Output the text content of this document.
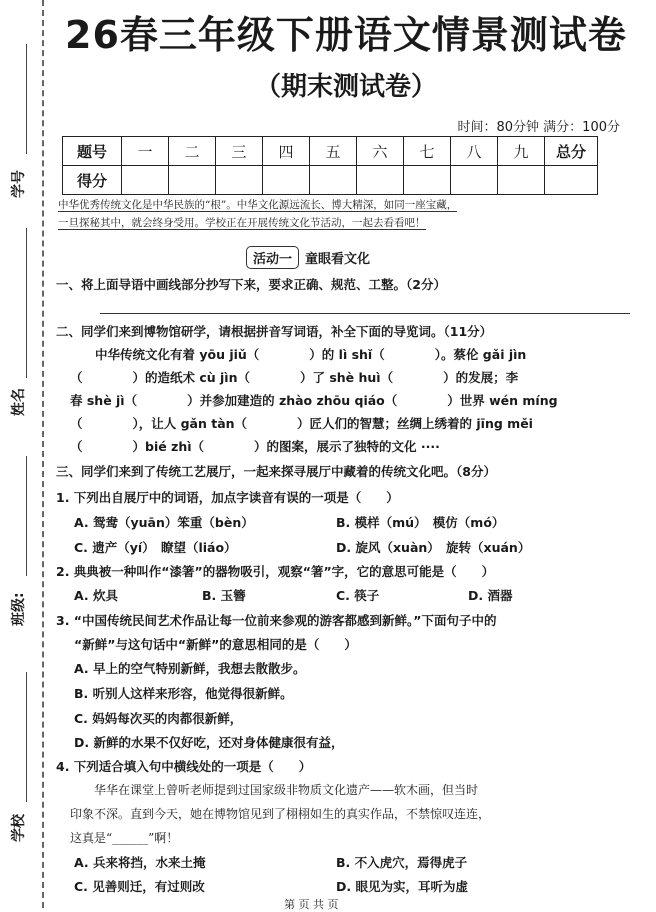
学号
姓名
班级:
学校
26春三年级下册语文情景测试卷
（期末测试卷）
时间：80分钟 满分：100分
题号	一	二	三	四	五	六	七	八	九	总分
得分										
中华优秀传统文化是中华民族的“根”。中华文化源远流长、博大精深，如同一座宝藏，
一旦探秘其中，就会终身受用。学校正在开展传统文化节活动，一起去看看吧！
活动一	童眼看文化
一、将上面导语中画线部分抄写下来，要求正确、规范、工整。（2分）
二、同学们来到博物馆研学，请根据拼音写词语，补全下面的导览词。（11分）
　　中华传统文化有着 yōu jiǔ（　　　　）的 lì shǐ（　　　　）。蔡伦 gǎi jìn
（　　　　）的造纸术 cù jìn（　　　　）了 shè huì（　　　　）的发展；李
春 shè jì（　　　　）并参加建造的 zhào zhōu qiáo（　　　　）世界 wén míng
（　　　　），让人 gǎn tàn（　　　　）匠人们的智慧；丝绸上绣着的 jīng měi
（　　　　）bié zhì（　　　　）的图案，展示了独特的文化 ····
三、同学们来到了传统工艺展厅，一起来探寻展厅中藏着的传统文化吧。（8分）
1. 下列出自展厅中的词语，加点字读音有误的一项是（　　）
A. 鸳鸯（yuān）笨重（bèn）	B. 模样（mú）　模仿（mó）
C. 遗产（yí）　瞭望（liáo）	D. 旋风（xuàn）　旋转（xuán）
2. 典典被一种叫作“漆箸”的器物吸引，观察“箸”字，它的意思可能是（　　）
A. 炊具	B. 玉簪	C. 筷子	D. 酒器
3. “中国传统民间艺术作品让每一位前来参观的游客都感到新鲜。”下面句子中的
“新鲜”与这句话中“新鲜”的意思相同的是（　　）
A. 早上的空气特别新鲜，我想去散散步。
B. 听别人这样来形容，他觉得很新鲜。
C. 妈妈每次买的肉都很新鲜，
D. 新鲜的水果不仅好吃，还对身体健康很有益，
4. 下列适合填入句中横线处的一项是（　　）
　　华华在课堂上曾听老师提到过国家级非物质文化遗产——软木画，但当时
印象不深。直到今天，她在博物馆见到了栩栩如生的真实作品，不禁惊叹连连，
这真是“______”啊！
A. 兵来将挡，水来土掩	B. 不入虎穴，焉得虎子
C. 见善则迁，有过则改	D. 眼见为实，耳听为虚
第 页 共 页
